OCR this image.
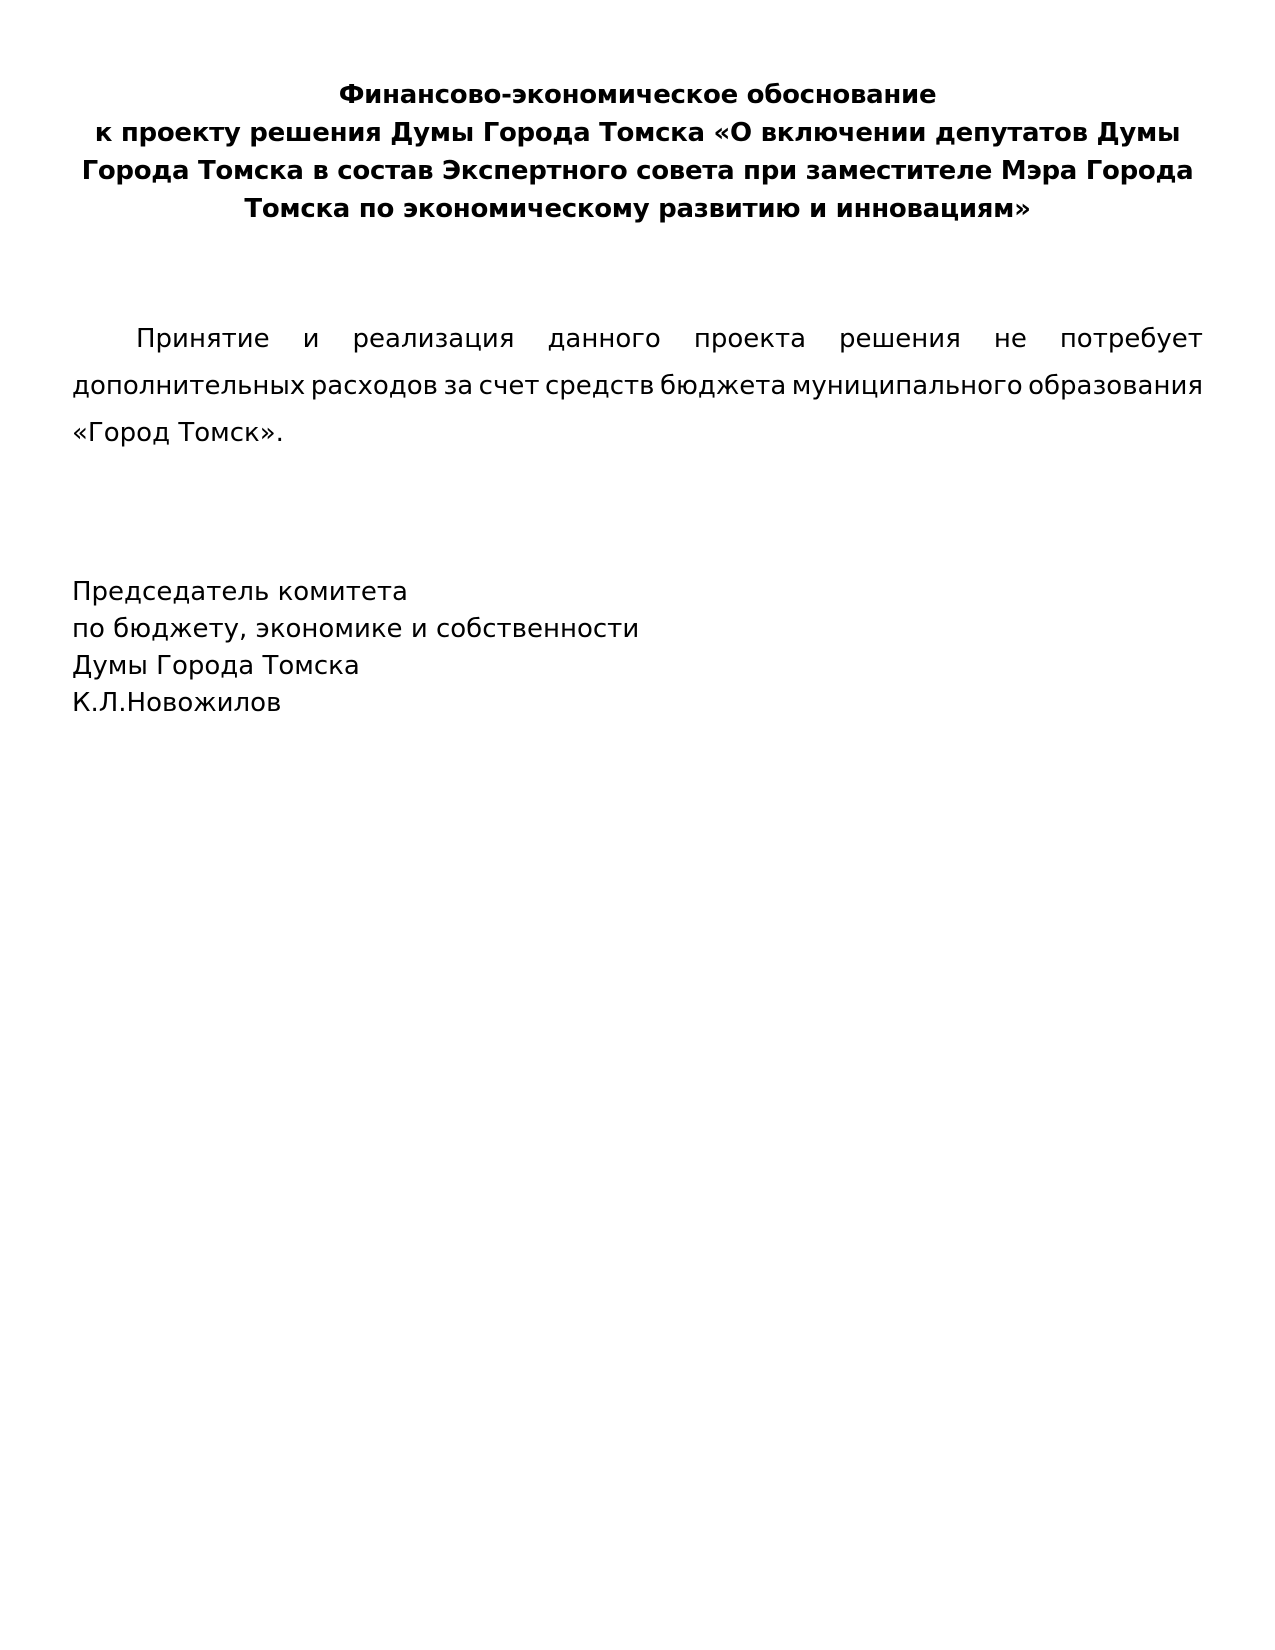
Финансово-экономическое обоснование
к проекту решения Думы Города Томска «О включении депутатов Думы
Города Томска в состав Экспертного совета при заместителе Мэра Города
Томска по экономическому развитию и инновациям»
Принятие и реализация данного проекта решения не потребует
дополнительных расходов за счет средств бюджета муниципального образования
«Город Томск».
Председатель комитета
по бюджету, экономике и собственности
Думы Города Томска
К.Л.Новожилов
